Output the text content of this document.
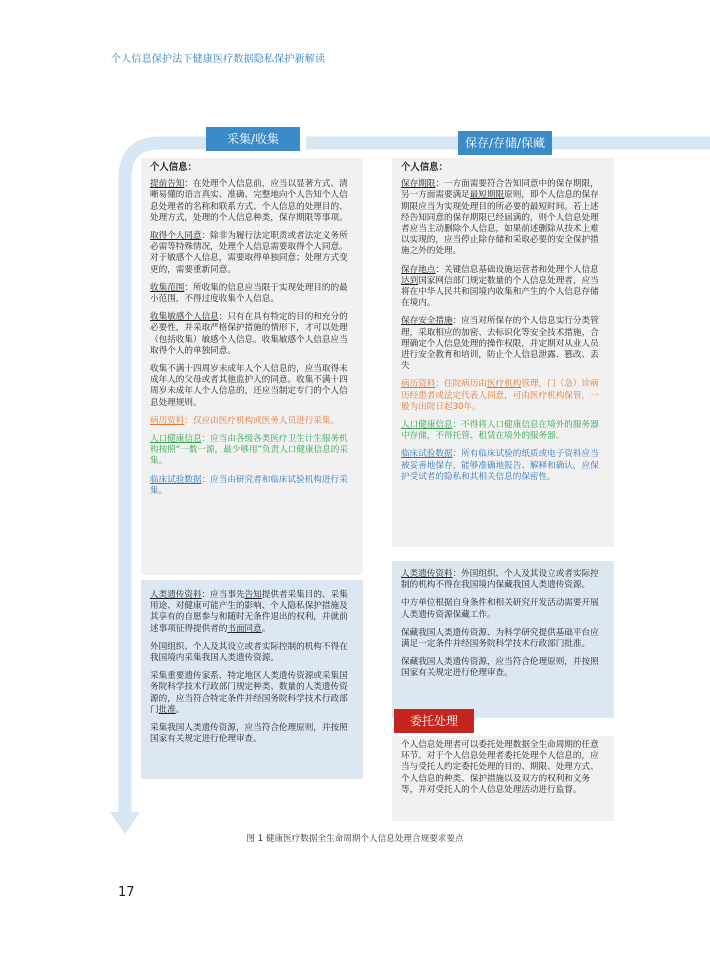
个人信息保护法下健康医疗数据隐私保护新解读
采集/收集	保存/存储/保藏

个人信息：

提前告知：在处理个人信息前，应当以显著方式、清晰易懂的语言真实、准确、完整地向个人告知个人信息处理者的名称和联系方式、个人信息的处理目的、处理方式，处理的个人信息种类，保存期限等事项。

取得个人同意：除非为履行法定职责或者法定义务所必需等特殊情况，处理个人信息需要取得个人同意。对于敏感个人信息，需要取得单独同意；处理方式变更的，需要重新同意。

收集范围：所收集的信息应当限于实现处理目的的最小范围，不得过度收集个人信息。

收集敏感个人信息：只有在具有特定的目的和充分的必要性，并采取严格保护措施的情形下，才可以处理（包括收集）敏感个人信息。收集敏感个人信息应当取得个人的单独同意。

收集不满十四周岁未成年人个人信息的，应当取得未成年人的父母或者其他监护人的同意。收集不满十四周岁未成年人个人信息的，还应当制定专门的个人信息处理规则。

病历资料：仅应由医疗机构或医务人员进行采集。

人口健康信息：应当由各级各类医疗卫生计生服务机构按照“一数一源，最少够用”负责人口健康信息的采集。

临床试验数据：应当由研究者和临床试验机构进行采集。

人类遗传资料：应当事先告知提供者采集目的、采集用途、对健康可能产生的影响、个人隐私保护措施及其享有的自愿参与和随时无条件退出的权利，并就前述事项征得提供者的书面同意。

外国组织、个人及其设立或者实际控制的机构不得在我国境内采集我国人类遗传资源。

采集重要遗传家系、特定地区人类遗传资源或采集国务院科学技术行政部门规定种类、数量的人类遗传资源的，应当符合特定条件并经国务院科学技术行政部门批准。

采集我国人类遗传资源，应当符合伦理原则，并按照国家有关规定进行伦理审查。

个人信息：

保存期限：一方面需要符合告知同意中的保存期限，另一方面需要满足最短期限原则，即个人信息的保存期限应当为实现处理目的所必要的最短时间。若上述经告知同意的保存期限已经届满的，则个人信息处理者应当主动删除个人信息，如果前述删除从技术上难以实现的，应当停止除存储和采取必要的安全保护措施之外的处理。

保存地点：关键信息基础设施运营者和处理个人信息达到国家网信部门规定数量的个人信息处理者，应当将在中华人民共和国境内收集和产生的个人信息存储在境内。

保存安全措施：应当对所保存的个人信息实行分类管理，采取相应的加密、去标识化等安全技术措施，合理确定个人信息处理的操作权限，并定期对从业人员进行安全教育和培训，防止个人信息泄露、篡改、丢失

病历资料：住院病历由医疗机构管理，门（急）诊病历经患者或法定代表人同意，可由医疗机构保管，一般为出院日起30年。

人口健康信息：不得将人口健康信息在境外的服务器中存储，不得托管、租赁在境外的服务器。

临床试验数据：所有临床试验的纸质或电子资料应当被妥善地保存，能够准确地报告、解释和确认，应保护受试者的隐私和其相关信息的保密性。

人类遗传资料：外国组织、个人及其设立或者实际控制的机构不得在我国境内保藏我国人类遗传资源。

中方单位根据自身条件和相关研究开发活动需要开展人类遗传资源保藏工作。

保藏我国人类遗传资源、为科学研究提供基础平台应满足一定条件并经国务院科学技术行政部门批准。

保藏我国人类遗传资源，应当符合伦理原则，并按照国家有关规定进行伦理审查。

委托处理

个人信息处理者可以委托处理数据全生命周期的任意环节。对于个人信息处理者委托处理个人信息的，应当与受托人约定委托处理的目的、期限、处理方式、个人信息的种类、保护措施以及双方的权利和义务等，并对受托人的个人信息处理活动进行监督。

图 1 健康医疗数据全生命周期个人信息处理合规要求要点
17
